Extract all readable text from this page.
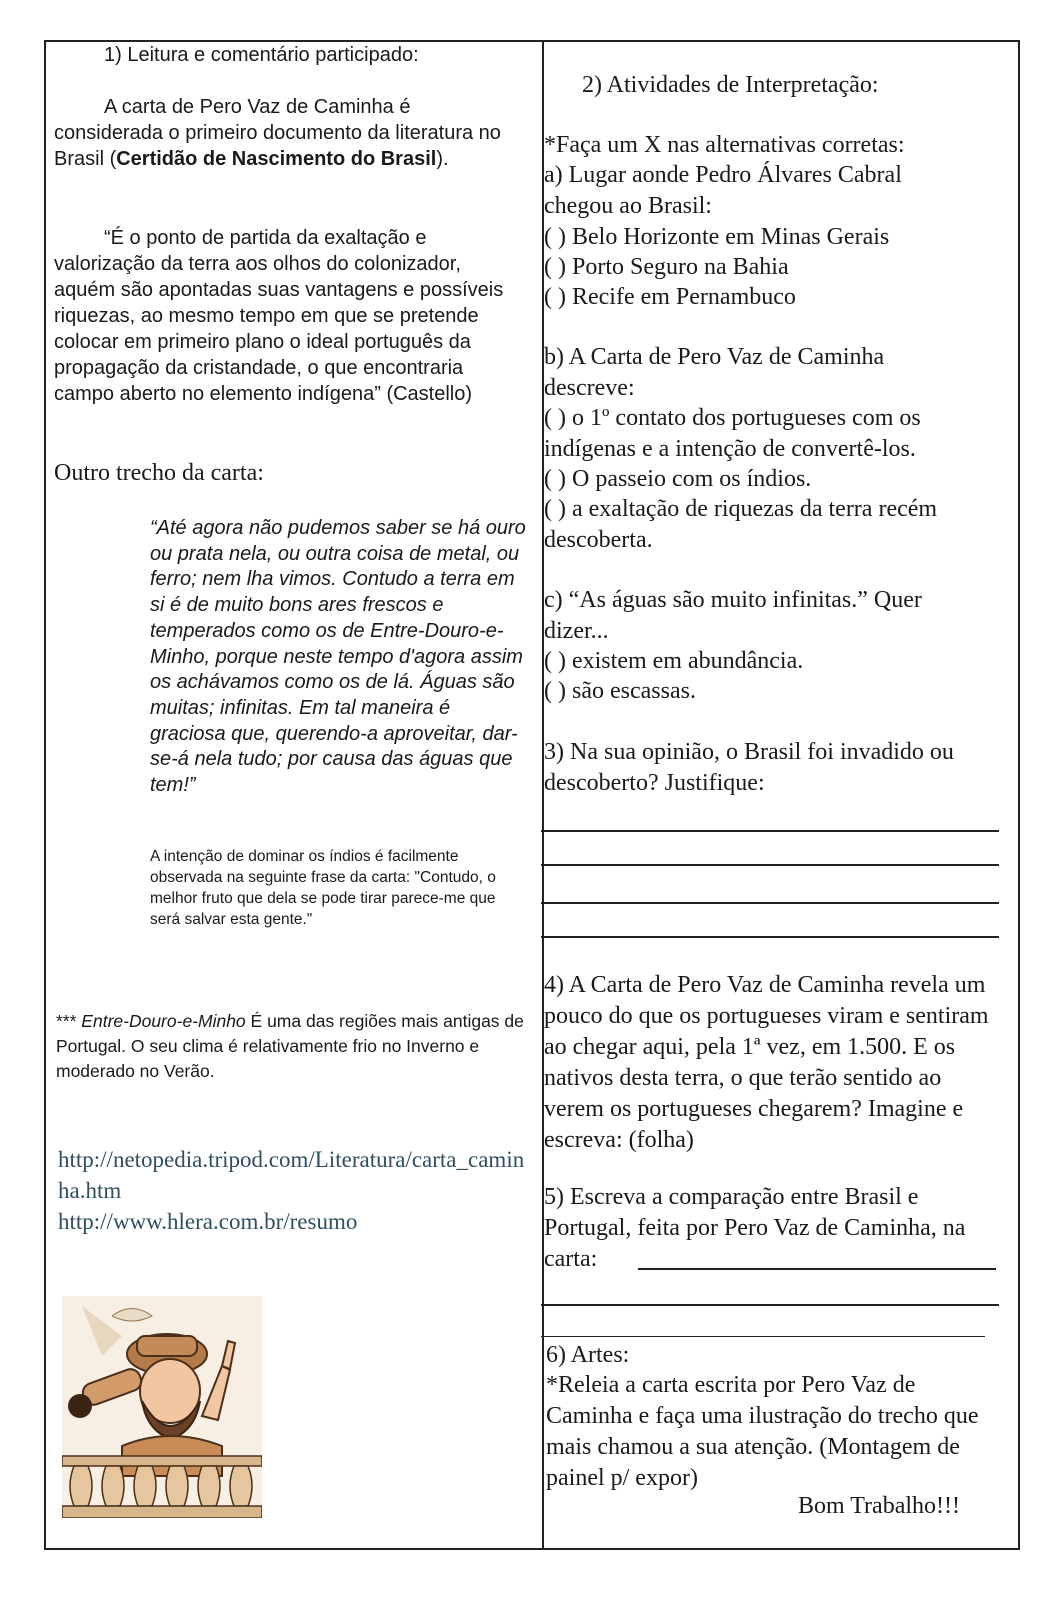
1) Leitura e comentário participado:

A carta de Pero Vaz de Caminha é considerada o primeiro documento da literatura no Brasil (Certidão de Nascimento do Brasil).

“É o ponto de partida da exaltação e valorização da terra aos olhos do colonizador, aquém são apontadas suas vantagens e possíveis riquezas, ao mesmo tempo em que se pretende colocar em primeiro plano o ideal português da propagação da cristandade, o que encontraria campo aberto no elemento indígena” (Castello)

Outro trecho da carta:

“Até agora não pudemos saber se há ouro ou prata nela, ou outra coisa de metal, ou ferro; nem lha vimos. Contudo a terra em si é de muito bons ares frescos e temperados como os de Entre-Douro-e-Minho, porque neste tempo d'agora assim os achávamos como os de lá. Águas são muitas; infinitas. Em tal maneira é graciosa que, querendo-a aproveitar, dar-se-á nela tudo; por causa das águas que tem!”

A intenção de dominar os índios é facilmente observada na seguinte frase da carta: "Contudo, o melhor fruto que dela se pode tirar parece-me que será salvar esta gente."

*** Entre-Douro-e-Minho É uma das regiões mais antigas de Portugal. O seu clima é relativamente frio no Inverno e moderado no Verão.

http://netopedia.tripod.com/Literatura/carta_caminha.htm

http://www.hlera.com.br/resumo

2) Atividades de Interpretação:

*Faça um X nas alternativas corretas:

a) Lugar aonde Pedro Álvares Cabral chegou ao Brasil:

( ) Belo Horizonte em Minas Gerais

( ) Porto Seguro na Bahia

( ) Recife em Pernambuco

b) A Carta de Pero Vaz de Caminha descreve:

( ) o 1º contato dos portugueses com os indígenas e a intenção de convertê-los.

( ) O passeio com os índios.

( ) a exaltação de riquezas da terra recém descoberta.

c) “As águas são muito infinitas.” Quer dizer...

( ) existem em abundância.

( ) são escassas.

3) Na sua opinião, o Brasil foi invadido ou descoberto? Justifique:

4) A Carta de Pero Vaz de Caminha revela um pouco do que os portugueses viram e sentiram ao chegar aqui, pela 1ª vez, em 1.500. E os nativos desta terra, o que terão sentido ao verem os portugueses chegarem? Imagine e escreva: (folha)

5) Escreva a comparação entre Brasil e Portugal, feita por Pero Vaz de Caminha, na carta:

6) Artes:

*Releia a carta escrita por Pero Vaz de Caminha e faça uma ilustração do trecho que mais chamou a sua atenção. (Montagem de painel p/ expor)

Bom Trabalho!!!
